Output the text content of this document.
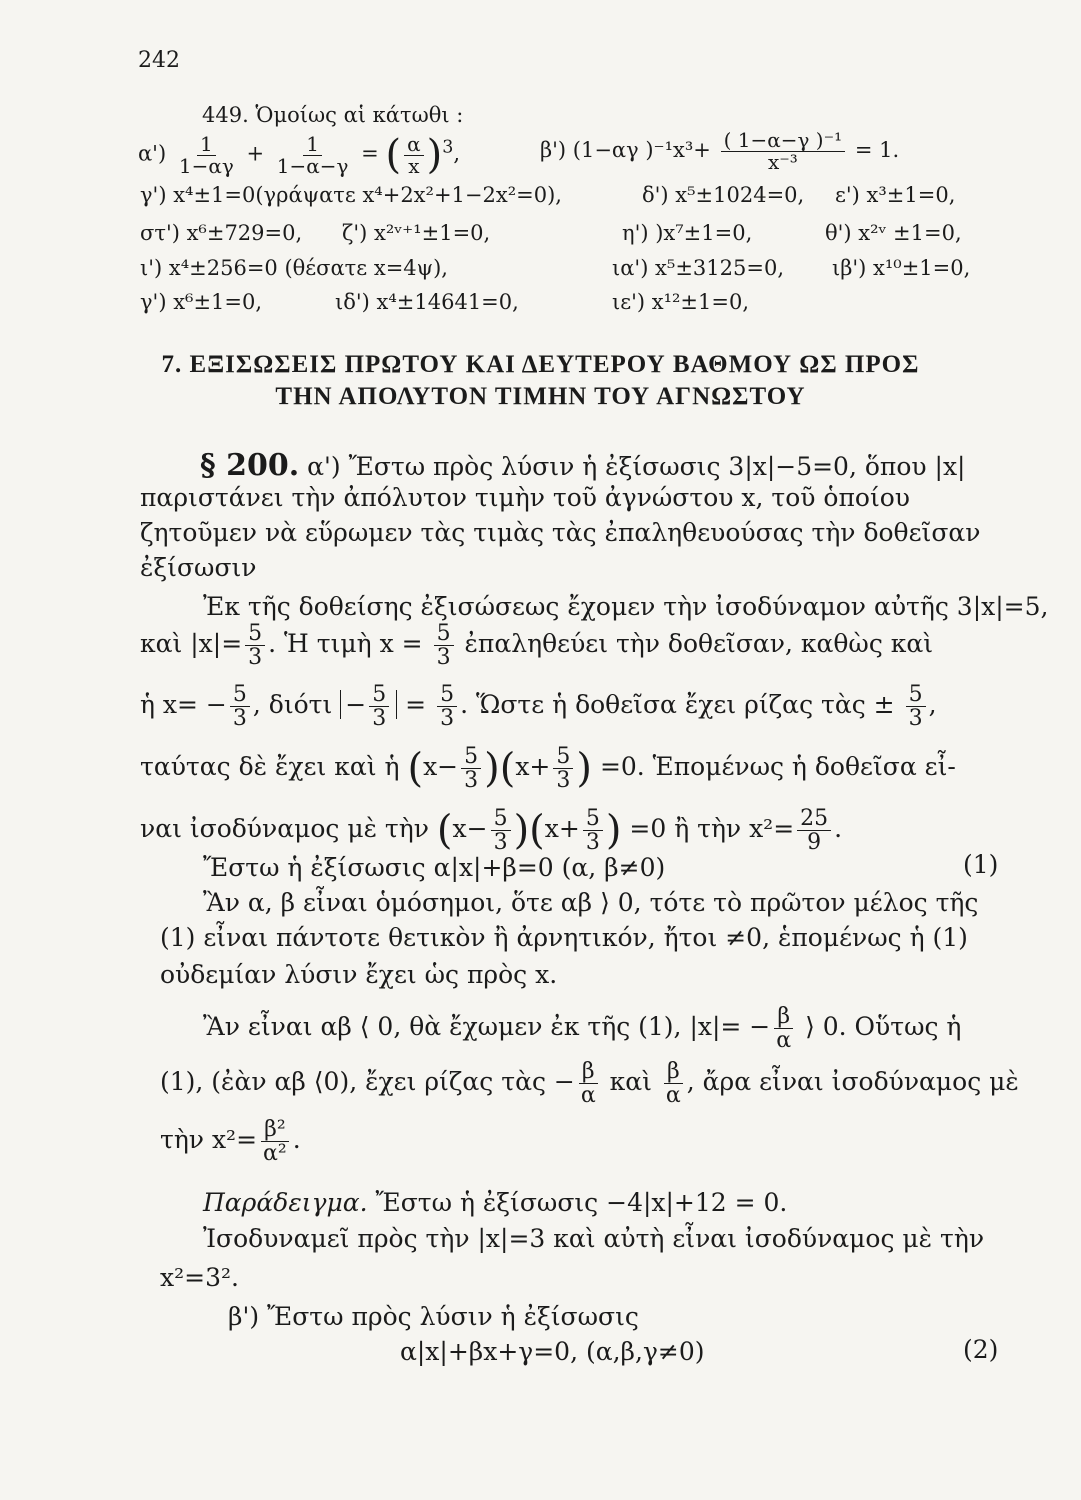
242
449. Ὁμοίως αἱ κάτωθι :
$\alpha') \frac{1}{1-\alpha\gamma} + \frac{1}{1-\alpha-\gamma}$ = ( $\frac{\alpha}{x} )^3$,	β') (1−αγ )$^{-1}x^3+ \frac{\text{( 1−α−γ )⁻¹}}{\text{x⁻³}} = 1$.
γ') x⁴±1=0(γράψατε x⁴+2x²+1−2x²=0),	δ') x⁵±1024=0, ε') x³±1=0,
στ') x⁶±729=0, ζ') x²ᵛ⁺¹±1=0,	η') )x⁷±1=0,	θ') x²ᵛ ±1=0,
ι') x⁴±256=0 (θέσατε x=4ψ),	ια') x⁵±3125=0, ιβ') x¹⁰±1=0,
γ') x⁶±1=0,	ιδ') x⁴±14641=0,	ιε') x¹²±1=0,
7. ΕΞΙΣΩΣΕΙΣ ΠΡΩΤΟΥ ΚΑΙ ΔΕΥΤΕΡΟΥ ΒΑΘΜΟΥ ΩΣ ΠΡΟΣ
ΤΗΝ ΑΠΟΛΥΤΟΝ ΤΙΜΗΝ ΤΟΥ ΑΓΝΩΣΤΟΥ
§ 200. α') Ἔστω πρὸς λύσιν ἡ ἐξίσωσις 3|x|−5=0, ὅπου |x|
παριστάνει τὴν ἀπόλυτον τιμὴν τοῦ ἀγνώστου x, τοῦ ὁποίου
ζητοῦμεν νὰ εὕρωμεν τὰς τιμὰς τὰς ἐπαληθευούσας τὴν δοθεῖσαν
ἐξίσωσιν
Ἐκ τῆς δοθείσης ἐξισώσεως ἔχομεν τὴν ἰσοδύναμον αὐτῆς 3|x|=5,
καὶ $|x|= \frac{5}{3}$ . Ἡ τιμὴ $x = \frac{5}{3}$ ἐπαληθεύει τὴν δοθεῖσαν, καθὼς καὶ
ἡ $x= - \frac{5}{3}$ , $\delta\iota ό\tau\iota - \frac{5}{3} = \frac{5}{3}$ . Ὥστε ἡ δοθεῖσα ἔχει ρίζας τὰς ± $\frac{5}{3}$ ,
ταύτας δὲ ἔχει καὶ ἡ $(x- \frac{5}{3} )(x+ \frac{5}{3}$ ) =0. Ἑπομένως ἡ δοθεῖσα εἶ-
ναι ἰσοδύναμος μὲ τὴν $(x- \frac{5}{3} )(x+ \frac{5}{3}$ ) =0 ἢ τὴν $x^2= \frac{25}{9}$ .
Ἔστω ἡ ἐξίσωσις α|x|+β=0 (α, β≠0)	(1)
Ἂν α, β εἶναι ὁμόσημοι, ὅτε αβ ⟩ 0, τότε τὸ πρῶτον μέλος τῆς
(1) εἶναι πάντοτε θετικὸν ἢ ἀρνητικόν, ἤτοι ≠0, ἑπομένως ἡ (1)
οὐδεμίαν λύσιν ἔχει ὡς πρὸς x.
Ἂν εἶναι αβ ⟨ 0, θὰ ἔχωμεν ἐκ τῆς (1), $|x|= - \frac{\beta}{\alpha}$ ⟩ 0. Οὕτως ἡ
(1), (ἐὰν αβ ⟨0), ἔχει ρίζας τὰς − $\frac{\beta}{\alpha}$ καὶ $\frac{\beta}{\alpha}$ , ἄρα εἶναι ἰσοδύναμος μὲ
τὴν $x^2= \frac{\text{β²}}{\text{α²}}$ .
Παράδειγμα. Ἔστω ἡ ἐξίσωσις −4|x|+12 = 0.
Ἰσοδυναμεῖ πρὸς τὴν |x|=3 καὶ αὐτὴ εἶναι ἰσοδύναμος μὲ τὴν
x²=3².
β') Ἔστω πρὸς λύσιν ἡ ἐξίσωσις
α|x|+βx+γ=0, (α,β,γ≠0)	(2)
